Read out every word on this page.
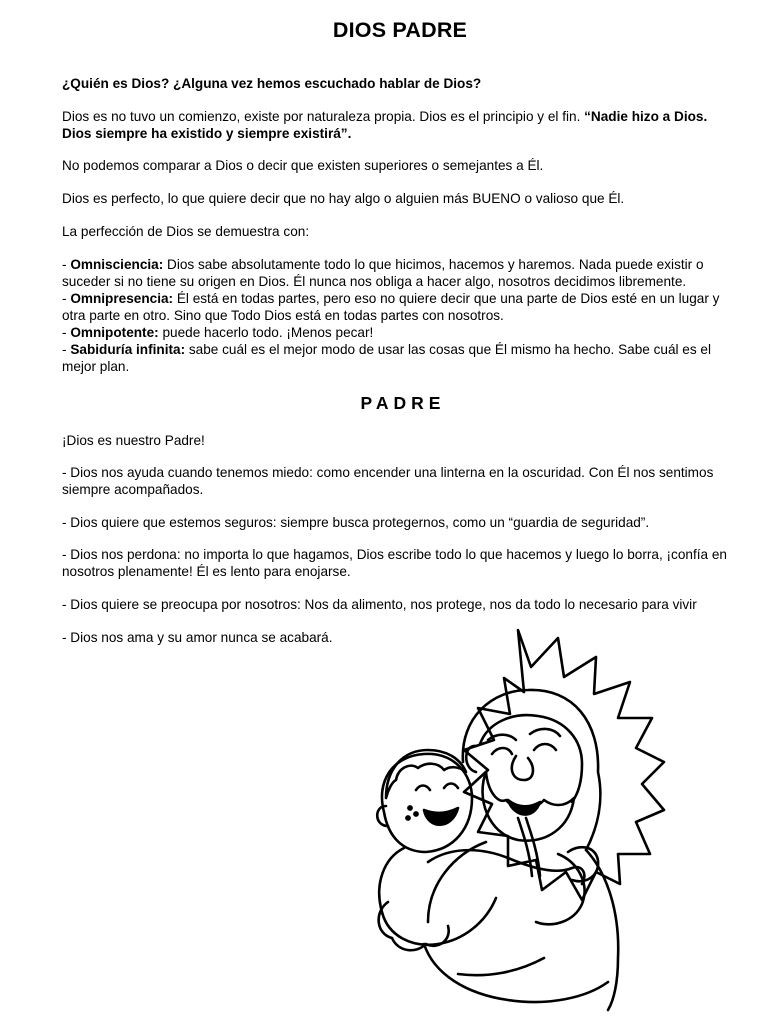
DIOS PADRE
¿Quién es Dios? ¿Alguna vez hemos escuchado hablar de Dios?
Dios es no tuvo un comienzo, existe por naturaleza propia. Dios es el principio y el fin. “Nadie hizo a Dios.
Dios siempre ha existido y siempre existirá”.
No podemos comparar a Dios o decir que existen superiores o semejantes a Él.
Dios es perfecto, lo que quiere decir que no hay algo o alguien más BUENO o valioso que Él.
La perfección de Dios se demuestra con:
- Omnisciencia: Dios sabe absolutamente todo lo que hicimos, hacemos y haremos. Nada puede existir o
suceder si no tiene su origen en Dios. Él nunca nos obliga a hacer algo, nosotros decidimos libremente.
- Omnipresencia: Él está en todas partes, pero eso no quiere decir que una parte de Dios esté en un lugar y
otra parte en otro. Sino que Todo Dios está en todas partes con nosotros.
- Omnipotente: puede hacerlo todo. ¡Menos pecar!
- Sabiduría infinita: sabe cuál es el mejor modo de usar las cosas que Él mismo ha hecho. Sabe cuál es el
mejor plan.
PADRE
¡Dios es nuestro Padre!
- Dios nos ayuda cuando tenemos miedo: como encender una linterna en la oscuridad. Con Él nos sentimos
siempre acompañados.
- Dios quiere que estemos seguros: siempre busca protegernos, como un “guardia de seguridad”.
- Dios nos perdona: no importa lo que hagamos, Dios escribe todo lo que hacemos y luego lo borra, ¡confía en
nosotros plenamente! Él es lento para enojarse.
- Dios quiere se preocupa por nosotros: Nos da alimento, nos protege, nos da todo lo necesario para vivir
- Dios nos ama y su amor nunca se acabará.
